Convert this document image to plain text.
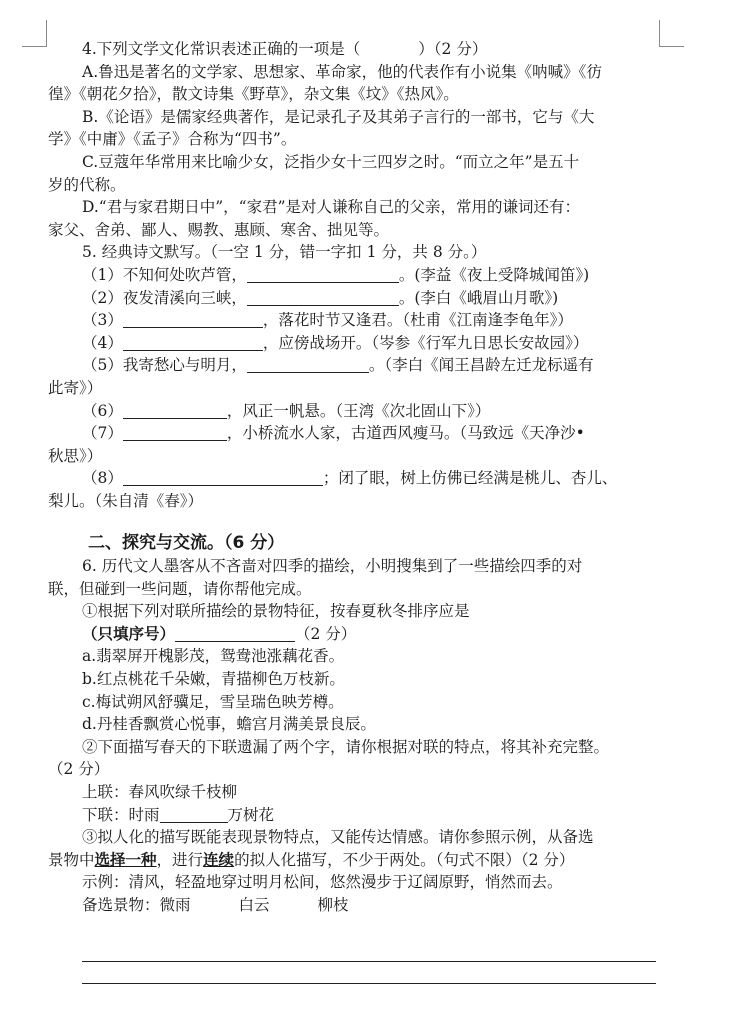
4.下列文学文化常识表述正确的一项是（	）（2 分）
A.鲁迅是著名的文学家、思想家、革命家，他的代表作有小说集《呐喊》《彷
徨》《朝花夕拾》，散文诗集《野草》，杂文集《坟》《热风》。
B.《论语》是儒家经典著作，是记录孔子及其弟子言行的一部书，它与《大
学》《中庸》《孟子》合称为“四书”。
C.豆蔻年华常用来比喻少女，泛指少女十三四岁之时。“而立之年”是五十
岁的代称。
D.“君与家君期日中”，“家君”是对人谦称自己的父亲，常用的谦词还有：
家父、舍弟、鄙人、赐教、惠顾、寒舍、拙见等。
5. 经典诗文默写。（一空 1 分，错一字扣 1 分，共 8 分。）
（1）不知何处吹芦管，	。(李益《夜上受降城闻笛》)
（2）夜发清溪向三峡，	。(李白《峨眉山月歌》)
（3）	，落花时节又逢君。（杜甫《江南逢李龟年》）
（4）	，应傍战场开。（岑参《行军九日思长安故园》）
（5）我寄愁心与明月，	。（李白《闻王昌龄左迁龙标遥有
此寄》）
（6）	，风正一帆悬。（王湾《次北固山下》）
（7）	，小桥流水人家，古道西风瘦马。（马致远《天净沙•
秋思》）
（8）	；闭了眼，树上仿佛已经满是桃儿、杏儿、
梨儿。（朱自清《春》）
二、探究与交流。（6 分）
6. 历代文人墨客从不吝啬对四季的描绘，小明搜集到了一些描绘四季的对
联，但碰到一些问题，请你帮他完成。
①根据下列对联所描绘的景物特征，按春夏秋冬排序应是
（只填序号）	（2 分）
a.翡翠屏开槐影茂，鸳鸯池涨藕花香。
b.红点桃花千朵嫩，青描柳色万枝新。
c.梅试朔风舒骥足，雪呈瑞色映芳樽。
d.丹桂香飘赏心悦事，蟾宫月满美景良辰。
②下面描写春天的下联遗漏了两个字，请你根据对联的特点，将其补充完整。
（2 分）
上联：春风吹绿千枝柳
下联：时雨	万树花
③拟人化的描写既能表现景物特点，又能传达情感。请你参照示例，从备选
景物中选择一种，进行连续的拟人化描写，不少于两处。（句式不限）（2 分）
示例：清风，轻盈地穿过明月松间，悠然漫步于辽阔原野，悄然而去。
备选景物：微雨	白云	柳枝
